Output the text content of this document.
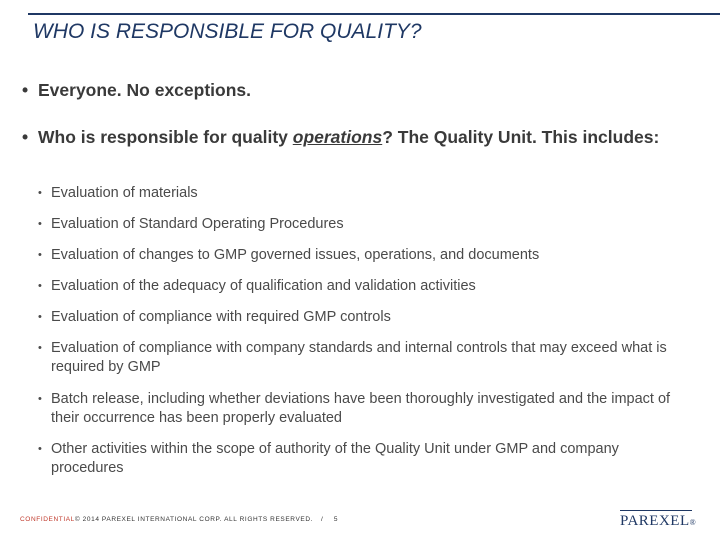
WHO IS RESPONSIBLE FOR QUALITY?
• Everyone. No exceptions.
• Who is responsible for quality operations? The Quality Unit. This includes:
• Evaluation of materials
• Evaluation of Standard Operating Procedures
• Evaluation of changes to GMP governed issues, operations, and documents
• Evaluation of the adequacy of qualification and validation activities
• Evaluation of compliance with required GMP controls
• Evaluation of compliance with company standards and internal controls that may exceed what is required by GMP
• Batch release, including whether deviations have been thoroughly investigated and the impact of their occurrence has been properly evaluated
• Other activities within the scope of authority of the Quality Unit under GMP and company procedures
CONFIDENTIAL© 2014 PAREXEL INTERNATIONAL CORP. ALL RIGHTS RESERVED. / 5	PAREXEL®
